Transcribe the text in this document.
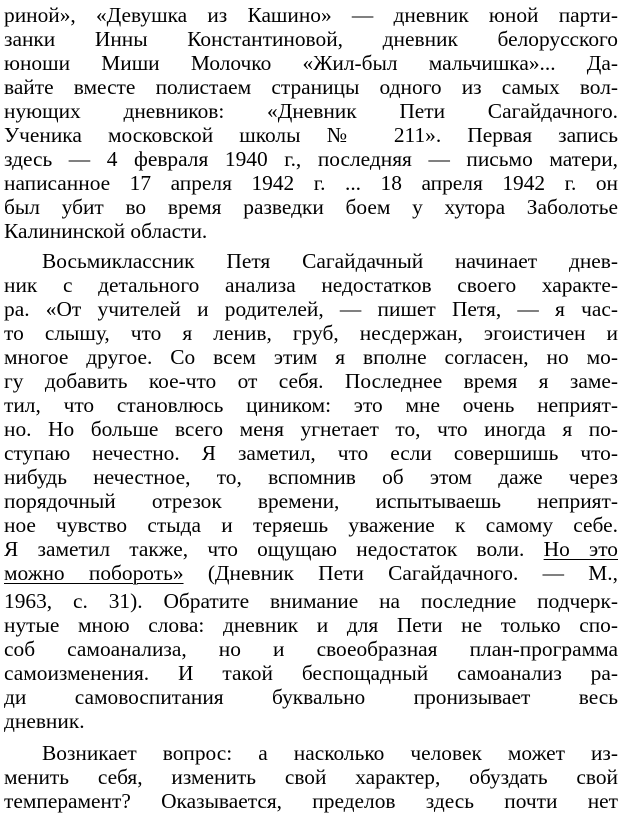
риной», «Девушка из Кашино» — дневник юной парти-
занки Инны Константиновой, дневник белорусского
юноши Миши Молочко «Жил-был мальчишка»... Да-
вайте вместе полистаем страницы одного из самых вол-
нующих дневников: «Дневник Пети Сагайдачного.
Ученика московской школы № 211». Первая запись
здесь — 4 февраля 1940 г., последняя — письмо матери,
написанное 17 апреля 1942 г. ... 18 апреля 1942 г. он
был убит во время разведки боем у хутора Заболотье
Калининской области.
Восьмиклассник Петя Сагайдачный начинает днев-
ник с детального анализа недостатков своего характе-
ра. «От учителей и родителей, — пишет Петя, — я час-
то слышу, что я ленив, груб, несдержан, эгоистичен и
многое другое. Со всем этим я вполне согласен, но мо-
гу добавить кое-что от себя. Последнее время я заме-
тил, что становлюсь циником: это мне очень неприят-
но. Но больше всего меня угнетает то, что иногда я по-
ступаю нечестно. Я заметил, что если совершишь что-
нибудь нечестное, то, вспомнив об этом даже через
порядочный отрезок времени, испытываешь неприят-
ное чувство стыда и теряешь уважение к самому себе.
Я заметил также, что ощущаю недостаток воли. Но это
можно побороть» (Дневник Пети Сагайдачного. — М.,
1963, с. 31). Обратите внимание на последние подчерк-
нутые мною слова: дневник и для Пети не только спо-
соб самоанализа, но и своеобразная план-программа
самоизменения. И такой беспощадный самоанализ ра-
ди самовоспитания буквально пронизывает весь
дневник.
Возникает вопрос: а насколько человек может из-
менить себя, изменить свой характер, обуздать свой
темперамент? Оказывается, пределов здесь почти нет
